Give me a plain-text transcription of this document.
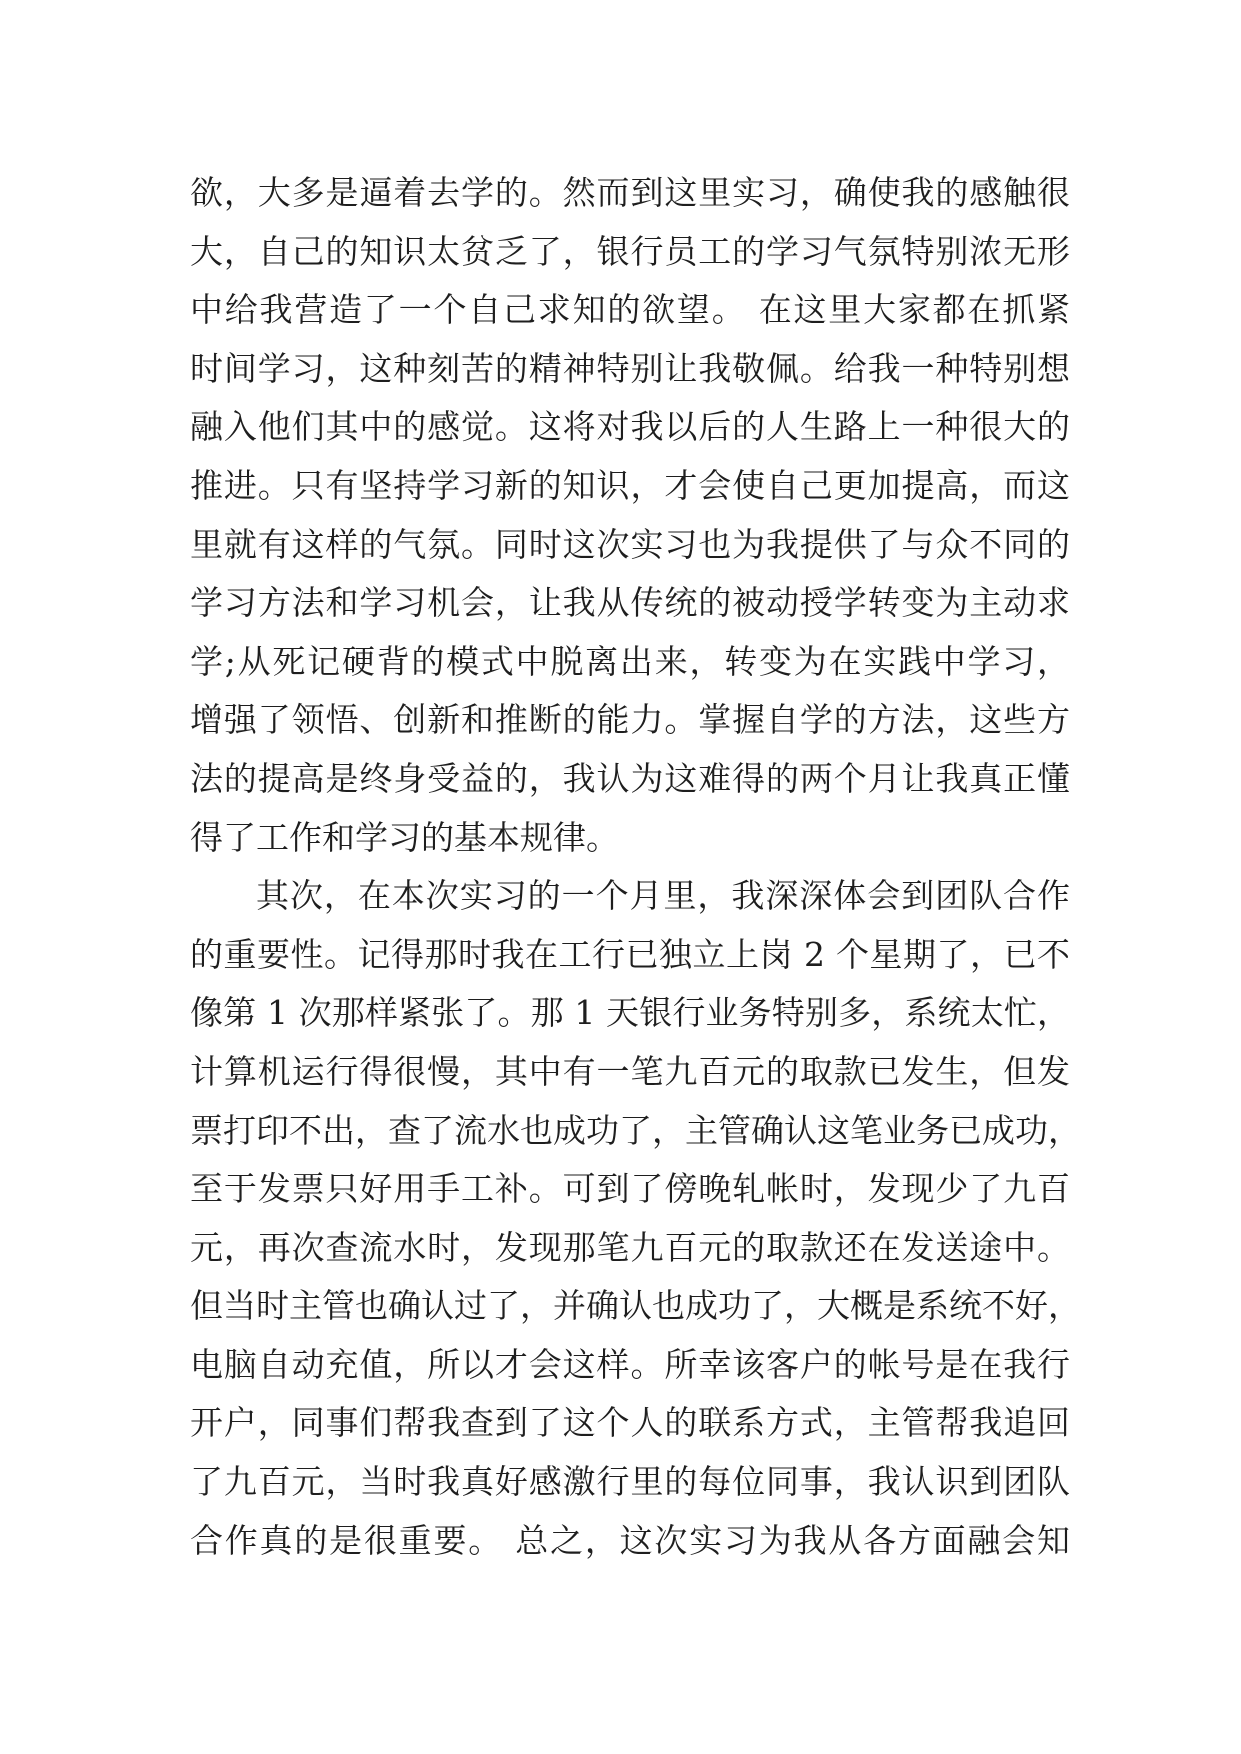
欲，大多是逼着去学的。然而到这里实习，确使我的感触很
大，自己的知识太贫乏了，银行员工的学习气氛特别浓无形
中给我营造了一个自己求知的欲望。 在这里大家都在抓紧
时间学习，这种刻苦的精神特别让我敬佩。给我一种特别想
融入他们其中的感觉。这将对我以后的人生路上一种很大的
推进。只有坚持学习新的知识，才会使自己更加提高，而这
里就有这样的气氛。同时这次实习也为我提供了与众不同的
学习方法和学习机会，让我从传统的被动授学转变为主动求
学;从死记硬背的模式中脱离出来，转变为在实践中学习，
增强了领悟、创新和推断的能力。掌握自学的方法，这些方
法的提高是终身受益的，我认为这难得的两个月让我真正懂
得了工作和学习的基本规律。
其次，在本次实习的一个月里，我深深体会到团队合作
的重要性。记得那时我在工行已独立上岗 2 个星期了，已不
像第 1 次那样紧张了。那 1 天银行业务特别多，系统太忙，
计算机运行得很慢，其中有一笔九百元的取款已发生，但发
票打印不出，查了流水也成功了，主管确认这笔业务已成功，
至于发票只好用手工补。可到了傍晚轧帐时，发现少了九百
元，再次查流水时，发现那笔九百元的取款还在发送途中。
但当时主管也确认过了，并确认也成功了，大概是系统不好，
电脑自动充值，所以才会这样。所幸该客户的帐号是在我行
开户，同事们帮我查到了这个人的联系方式，主管帮我追回
了九百元，当时我真好感激行里的每位同事，我认识到团队
合作真的是很重要。 总之，这次实习为我从各方面融会知
